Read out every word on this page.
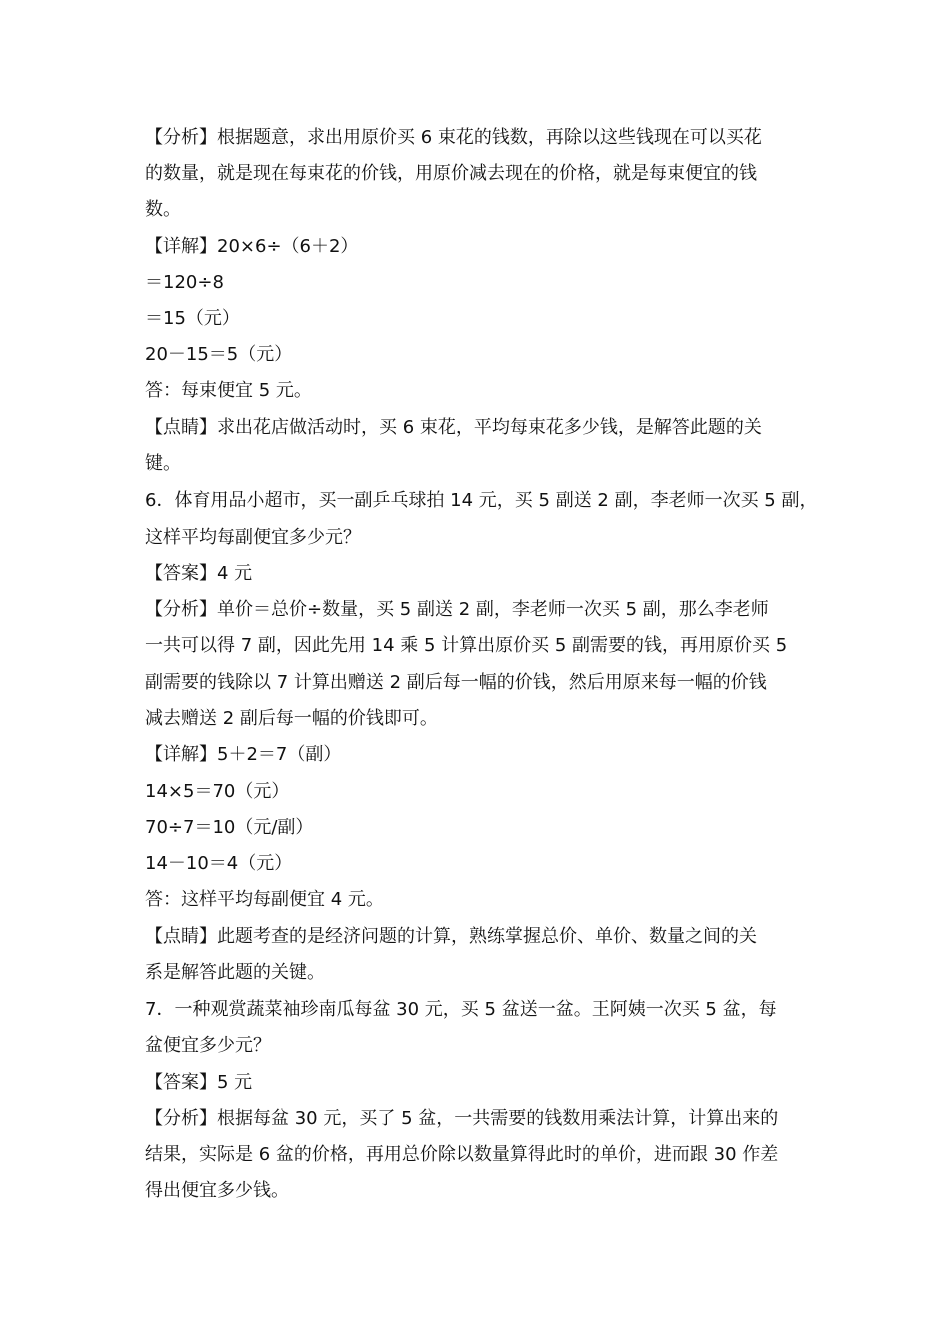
【分析】根据题意，求出用原价买 6 束花的钱数，再除以这些钱现在可以买花

的数量，就是现在每束花的价钱，用原价减去现在的价格，就是每束便宜的钱

数。

【详解】20×6÷（6＋2）

＝120÷8

＝15（元）

20－15＝5（元）

答：每束便宜 5 元。

【点睛】求出花店做活动时，买 6 束花，平均每束花多少钱，是解答此题的关

键。

6．体育用品小超市，买一副乒乓球拍 14 元，买 5 副送 2 副，李老师一次买 5 副，

这样平均每副便宜多少元？

【答案】4 元

【分析】单价＝总价÷数量，买 5 副送 2 副，李老师一次买 5 副，那么李老师

一共可以得 7 副，因此先用 14 乘 5 计算出原价买 5 副需要的钱，再用原价买 5

副需要的钱除以 7 计算出赠送 2 副后每一幅的价钱，然后用原来每一幅的价钱

减去赠送 2 副后每一幅的价钱即可。

【详解】5＋2＝7（副）

14×5＝70（元）

70÷7＝10（元/副）

14－10＝4（元）

答：这样平均每副便宜 4 元。

【点睛】此题考查的是经济问题的计算，熟练掌握总价、单价、数量之间的关

系是解答此题的关键。

7．一种观赏蔬菜袖珍南瓜每盆 30 元，买 5 盆送一盆。王阿姨一次买 5 盆，每

盆便宜多少元？

【答案】5 元

【分析】根据每盆 30 元，买了 5 盆，一共需要的钱数用乘法计算，计算出来的

结果，实际是 6 盆的价格，再用总价除以数量算得此时的单价，进而跟 30 作差

得出便宜多少钱。
